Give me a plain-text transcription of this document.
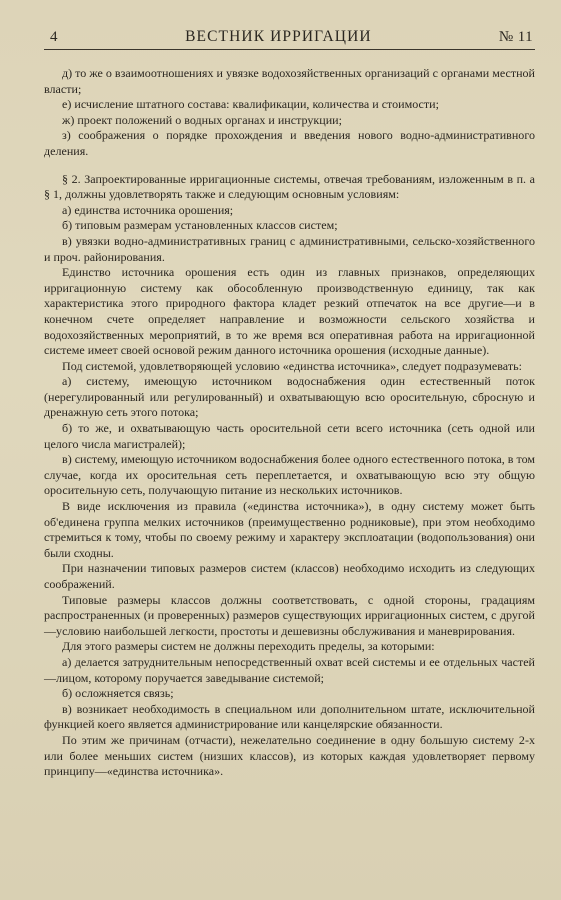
4	ВЕСТНИК ИРРИГАЦИИ	№ 11

д) то же о взаимоотношениях и увязке водохозяйственных организаций с органами местной власти;

е) исчисление штатного состава: квалификации, количества и стоимости;

ж) проект положений о водных органах и инструкции;

з) соображения о порядке прохождения и введения нового водно-административного деления.

§ 2. Запроектированные ирригационные системы, отвечая требованиям, изложенным в п. а § 1, должны удовлетворять также и следующим основным условиям:

а) единства источника орошения;

б) типовым размерам установленных классов систем;

в) увязки водно-административных границ с административными, сельско-хозяйственного и проч. районирования.

Единство источника орошения есть один из главных признаков, определяющих ирригационную систему как обособленную производственную единицу, так как характеристика этого природного фактора кладет резкий отпечаток на все другие—и в конечном счете определяет направление и возможности сельского хозяйства и водохозяйственных мероприятий, в то же время вся оперативная работа на ирригационной системе имеет своей основой режим данного источника орошения (исходные данные).

Под системой, удовлетворяющей условию «единства источника», следует подразумевать:

а) систему, имеющую источником водоснабжения один естественный поток (нерегулированный или регулированный) и охватывающую всю оросительную, сбросную и дренажную сеть этого потока;

б) то же, и охватывающую часть оросительной сети всего источника (сеть одной или целого числа магистралей);

в) систему, имеющую источником водоснабжения более одного естественного потока, в том случае, когда их оросительная сеть переплетается, и охватывающую всю эту общую оросительную сеть, получающую питание из нескольких источников.

В виде исключения из правила («единства источника»), в одну систему может быть об'единена группа мелких источников (преимущественно родниковые), при этом необходимо стремиться к тому, чтобы по своему режиму и характеру эксплоатации (водопользования) они были сходны.

При назначении типовых размеров систем (классов) необходимо исходить из следующих соображений.

Типовые размеры классов должны соответствовать, с одной стороны, градациям распространенных (и проверенных) размеров существующих ирригационных систем, с другой—условию наибольшей легкости, простоты и дешевизны обслуживания и маневрирования.

Для этого размеры систем не должны переходить пределы, за которыми:

а) делается затруднительным непосредственный охват всей системы и ее отдельных частей—лицом, которому поручается заведывание системой;

б) осложняется связь;

в) возникает необходимость в специальном или дополнительном штате, исключительной функцией коего является администрирование или канцелярские обязанности.

По этим же причинам (отчасти), нежелательно соединение в одну большую систему 2-х или более меньших систем (низших классов), из которых каждая удовлетворяет первому принципу—«единства источника».
